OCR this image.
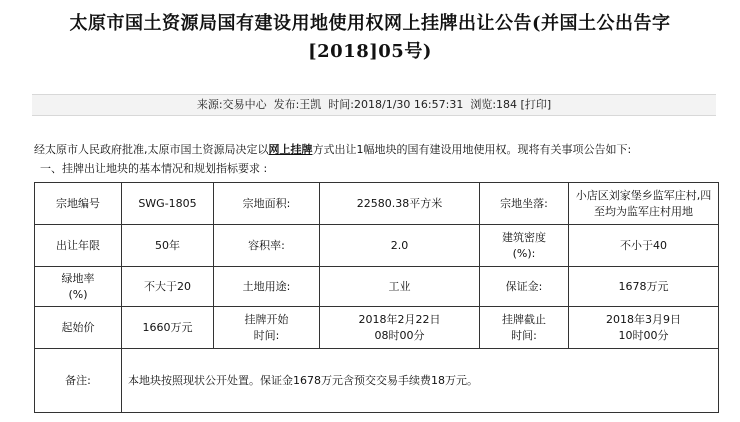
太原市国土资源局国有建设用地使用权网上挂牌出让公告(并国土公出告字
[2018]05号)
来源:交易中心 发布:王凯 时间:2018/1/30 16:57:31 浏览:184 [打印]
经太原市人民政府批准,太原市国土资源局决定以网上挂牌方式出让1幅地块的国有建设用地使用权。现将有关事项公告如下:
一、挂牌出让地块的基本情况和规划指标要求 :
宗地编号	SWG-1805	宗地面积:	22580.38平方米	宗地坐落:	小店区刘家堡乡监军庄村,四
至均为监军庄村用地

出让年限	50年	容积率:	2.0	建筑密度
(%):	不小于40

绿地率
(%)	不大于20	土地用途:	工业	保证金:	1678万元
起始价	1660万元	挂牌开始
时间:	2018年2月22日
08时00分	挂牌截止
时间:	2018年3月9日
10时00分

备注:	本地块按照现状公开处置。保证金1678万元含预交交易手续费18万元。				
